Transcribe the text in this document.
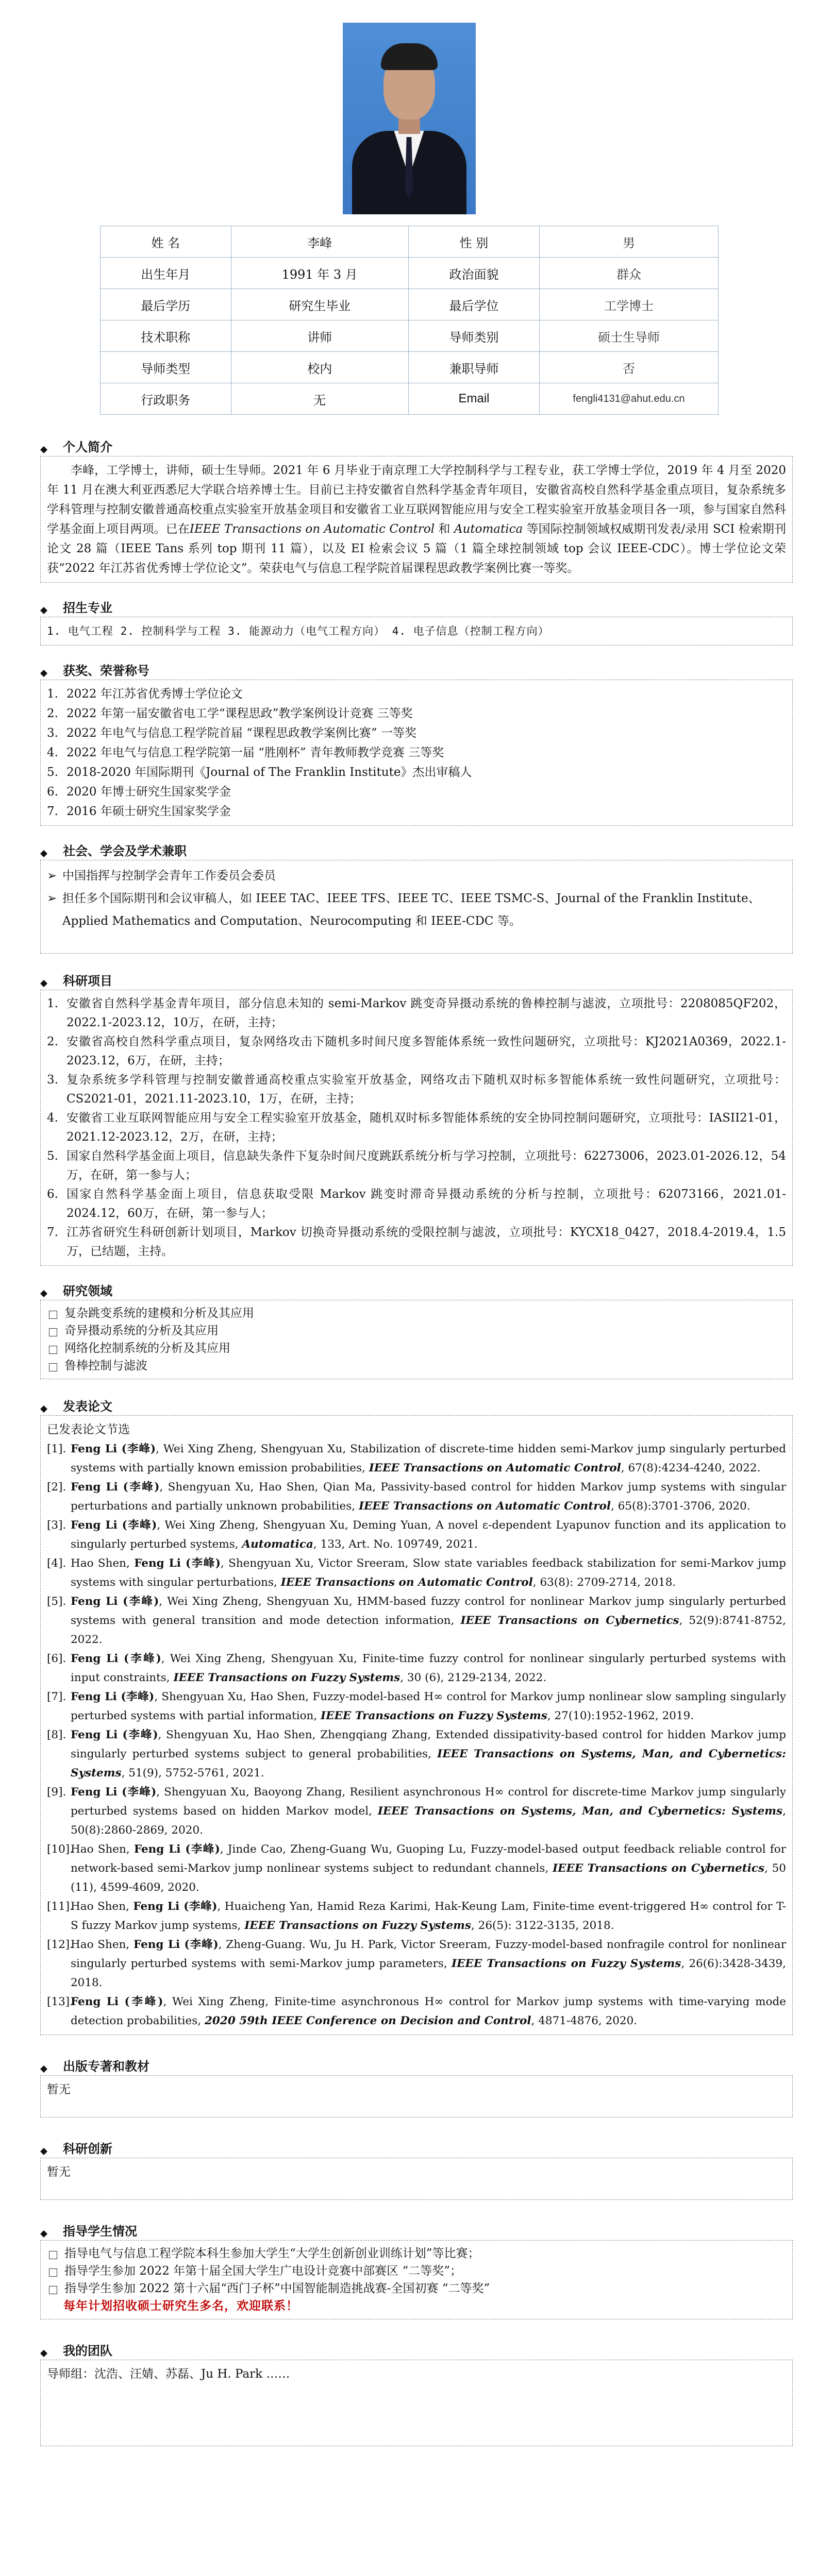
姓 名	李峰	性 别	男
出生年月	1991 年 3 月	政治面貌	群众
最后学历	研究生毕业	最后学位	工学博士
技术职称	讲师	导师类别	硕士生导师
导师类型	校内	兼职导师	否
行政职务	无	Email	fengli4131@ahut.edu.cn
个人简介

李峰，工学博士，讲师，硕士生导师。2021 年 6 月毕业于南京理工大学控制科学与工程专业，获工学博士学位，2019 年 4 月至 2020 年 11 月在澳大利亚西悉尼大学联合培养博士生。目前已主持安徽省自然科学基金青年项目，安徽省高校自然科学基金重点项目，复杂系统多学科管理与控制安徽普通高校重点实验室开放基金项目和安徽省工业互联网智能应用与安全工程实验室开放基金项目各一项，参与国家自然科学基金面上项目两项。已在IEEE Transactions on Automatic Control 和 Automatica 等国际控制领域权威期刊发表/录用 SCI 检索期刊论文 28 篇（IEEE Tans 系列 top 期刊 11 篇），以及 EI 检索会议 5 篇（1 篇全球控制领域 top 会议 IEEE-CDC）。博士学位论文荣获“2022 年江苏省优秀博士学位论文”。荣获电气与信息工程学院首届课程思政教学案例比赛一等奖。

招生专业
1. 电气工程 2. 控制科学与工程 3. 能源动力（电气工程方向） 4. 电子信息（控制工程方向）
获奖、荣誉称号
1. 2022 年江苏省优秀博士学位论文
2. 2022 年第一届安徽省电工学“课程思政”教学案例设计竞赛 三等奖
3. 2022 年电气与信息工程学院首届 “课程思政教学案例比赛” 一等奖
4. 2022 年电气与信息工程学院第一届 “胜刚杯” 青年教师教学竞赛 三等奖
5. 2018-2020 年国际期刊《Journal of The Franklin Institute》杰出审稿人
6. 2020 年博士研究生国家奖学金
7. 2016 年硕士研究生国家奖学金
社会、学会及学术兼职
➢ 中国指挥与控制学会青年工作委员会委员
➢ 担任多个国际期刊和会议审稿人，如 IEEE TAC、IEEE TFS、IEEE TC、IEEE TSMC-S、Journal of the Franklin Institute、Applied Mathematics and Computation、Neurocomputing 和 IEEE-CDC 等。
科研项目
1. 安徽省自然科学基金青年项目，部分信息未知的 semi-Markov 跳变奇异摄动系统的鲁棒控制与滤波，立项批号：2208085QF202，2022.1-2023.12，10万，在研，主持；
2. 安徽省高校自然科学重点项目，复杂网络攻击下随机多时间尺度多智能体系统一致性问题研究，立项批号：KJ2021A0369，2022.1-2023.12，6万，在研，主持；
3. 复杂系统多学科管理与控制安徽普通高校重点实验室开放基金，网络攻击下随机双时标多智能体系统一致性问题研究，立项批号：CS2021-01，2021.11-2023.10，1万，在研，主持；
4. 安徽省工业互联网智能应用与安全工程实验室开放基金，随机双时标多智能体系统的安全协同控制问题研究，立项批号：IASII21-01，2021.12-2023.12，2万，在研，主持；
5. 国家自然科学基金面上项目，信息缺失条件下复杂时间尺度跳跃系统分析与学习控制，立项批号：62273006，2023.01-2026.12，54万，在研，第一参与人；
6. 国家自然科学基金面上项目，信息获取受限 Markov 跳变时滞奇异摄动系统的分析与控制，立项批号：62073166，2021.01-2024.12，60万，在研，第一参与人；
7. 江苏省研究生科研创新计划项目，Markov 切换奇异摄动系统的受限控制与滤波，立项批号：KYCX18_0427，2018.4-2019.4，1.5万，已结题，主持。
研究领域
复杂跳变系统的建模和分析及其应用
奇异摄动系统的分析及其应用
网络化控制系统的分析及其应用
鲁棒控制与滤波
发表论文
已发表论文节选
[1]. Feng Li (李峰), Wei Xing Zheng, Shengyuan Xu, Stabilization of discrete-time hidden semi-Markov jump singularly perturbed systems with partially known emission probabilities, IEEE Transactions on Automatic Control, 67(8):4234-4240, 2022.
[2]. Feng Li (李峰), Shengyuan Xu, Hao Shen, Qian Ma, Passivity-based control for hidden Markov jump systems with singular perturbations and partially unknown probabilities, IEEE Transactions on Automatic Control, 65(8):3701-3706, 2020.
[3]. Feng Li (李峰), Wei Xing Zheng, Shengyuan Xu, Deming Yuan, A novel ε-dependent Lyapunov function and its application to singularly perturbed systems, Automatica, 133, Art. No. 109749, 2021.
[4]. Hao Shen, Feng Li (李峰), Shengyuan Xu, Victor Sreeram, Slow state variables feedback stabilization for semi-Markov jump systems with singular perturbations, IEEE Transactions on Automatic Control, 63(8): 2709-2714, 2018.
[5]. Feng Li (李峰), Wei Xing Zheng, Shengyuan Xu, HMM-based fuzzy control for nonlinear Markov jump singularly perturbed systems with general transition and mode detection information, IEEE Transactions on Cybernetics, 52(9):8741-8752, 2022.
[6]. Feng Li (李峰), Wei Xing Zheng, Shengyuan Xu, Finite-time fuzzy control for nonlinear singularly perturbed systems with input constraints, IEEE Transactions on Fuzzy Systems, 30 (6), 2129-2134, 2022.
[7]. Feng Li (李峰), Shengyuan Xu, Hao Shen, Fuzzy-model-based H∞ control for Markov jump nonlinear slow sampling singularly perturbed systems with partial information, IEEE Transactions on Fuzzy Systems, 27(10):1952-1962, 2019.
[8]. Feng Li (李峰), Shengyuan Xu, Hao Shen, Zhengqiang Zhang, Extended dissipativity-based control for hidden Markov jump singularly perturbed systems subject to general probabilities, IEEE Transactions on Systems, Man, and Cybernetics: Systems, 51(9), 5752-5761, 2021.
[9]. Feng Li (李峰), Shengyuan Xu, Baoyong Zhang, Resilient asynchronous H∞ control for discrete-time Markov jump singularly perturbed systems based on hidden Markov model, IEEE Transactions on Systems, Man, and Cybernetics: Systems, 50(8):2860-2869, 2020.
[10].
Hao Shen, Feng Li (李峰), Jinde Cao, Zheng-Guang Wu, Guoping Lu, Fuzzy-model-based output feedback reliable control for network-based semi-Markov jump nonlinear systems subject to redundant channels, IEEE Transactions on Cybernetics, 50 (11), 4599-4609, 2020.
[11].
Hao Shen, Feng Li (李峰), Huaicheng Yan, Hamid Reza Karimi, Hak-Keung Lam, Finite-time event-triggered H∞ control for T-S fuzzy Markov jump systems, IEEE Transactions on Fuzzy Systems, 26(5): 3122-3135, 2018.
[12].
Hao Shen, Feng Li (李峰), Zheng-Guang. Wu, Ju H. Park, Victor Sreeram, Fuzzy-model-based nonfragile control for nonlinear singularly perturbed systems with semi-Markov jump parameters, IEEE Transactions on Fuzzy Systems, 26(6):3428-3439, 2018.
[13].
Feng Li (李峰), Wei Xing Zheng, Finite-time asynchronous H∞ control for Markov jump systems with time-varying mode detection probabilities, 2020 59th IEEE Conference on Decision and Control, 4871-4876, 2020.
出版专著和教材
暂无
科研创新
暂无
指导学生情况
指导电气与信息工程学院本科生参加大学生“大学生创新创业训练计划”等比赛；
指导学生参加 2022 年第十届全国大学生广电设计竞赛中部赛区 “二等奖”；
指导学生参加 2022 第十六届“西门子杯”中国智能制造挑战赛-全国初赛 “二等奖”
每年计划招收硕士研究生多名，欢迎联系！
我的团队
导师组：沈浩、汪婧、苏磊、Ju H. Park ……
